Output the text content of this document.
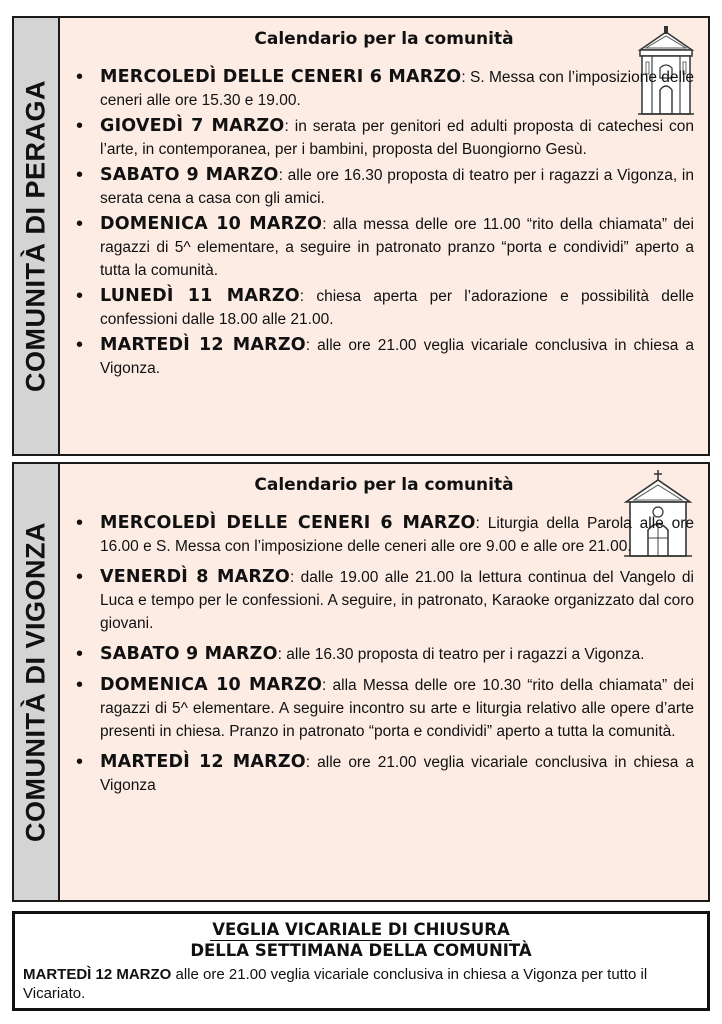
COMUNITÀ DI PERAGA
Calendario per la comunità
• MERCOLEDÌ DELLE CENERI 6 MARZO: S. Messa con l’imposizione delle ceneri alle ore 15.30 e 19.00.
• GIOVEDÌ 7 MARZO: in serata per genitori ed adulti proposta di catechesi con l’arte, in contemporanea, per i bambini, proposta del Buongiorno Gesù.
• SABATO 9 MARZO: alle ore 16.30 proposta di teatro per i ragazzi a Vigonza, in serata cena a casa con gli amici.
• DOMENICA 10 MARZO: alla messa delle ore 11.00 “rito della chiamata” dei ragazzi di 5^ elementare, a seguire in patronato pranzo “porta e condividi” aperto a tutta la comunità.
• LUNEDÌ 11 MARZO: chiesa aperta per l’adorazione e possibilità delle confessioni dalle 18.00 alle 21.00.
• MARTEDÌ 12 MARZO: alle ore 21.00 veglia vicariale conclusiva in chiesa a Vigonza.
COMUNITÀ DI VIGONZA
Calendario per la comunità
• MERCOLEDÌ DELLE CENERI 6 MARZO: Liturgia della Parola alle ore 16.00 e S. Messa con l’imposizione delle ceneri alle ore 9.00 e alle ore 21.00.
• VENERDÌ 8 MARZO: dalle 19.00 alle 21.00 la lettura continua del Vangelo di Luca e tempo per le confessioni. A seguire, in patronato, Karaoke organizzato dal coro giovani.
• SABATO 9 MARZO: alle 16.30 proposta di teatro per i ragazzi a Vigonza.
• DOMENICA 10 MARZO: alla Messa delle ore 10.30 “rito della chiamata” dei ragazzi di 5^ elementare. A seguire incontro su arte e liturgia relativo alle opere d’arte presenti in chiesa. Pranzo in patronato “porta e condividi” aperto a tutta la comunità.
• MARTEDÌ 12 MARZO: alle ore 21.00 veglia vicariale conclusiva in chiesa a Vigonza
VEGLIA VICARIALE DI CHIUSURA
DELLA SETTIMANA DELLA COMUNITÀ

MARTEDÌ 12 MARZO alle ore 21.00 veglia vicariale conclusiva in chiesa a Vigonza per tutto il Vicariato.
